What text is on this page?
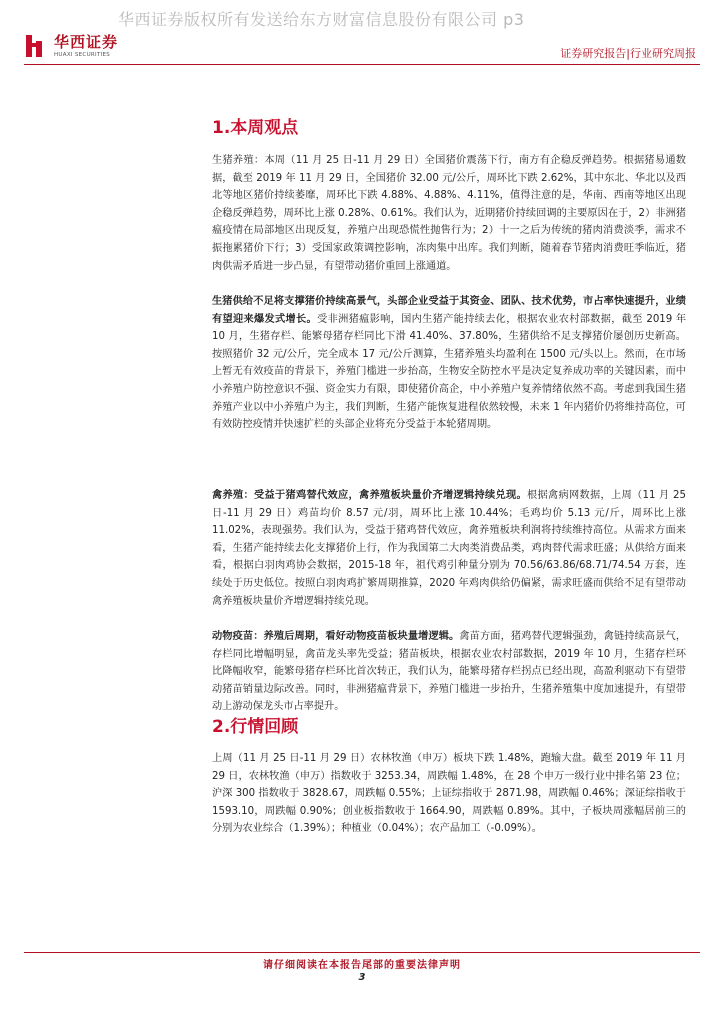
华西证券版权所有发送给东方财富信息股份有限公司 p3
华西证券
HUAXI SECURITIES	证券研究报告|行业研究周报
1.本周观点
生猪养殖：本周（11 月 25 日-11 月 29 日）全国猪价震荡下行，南方有企稳反弹趋势。根据猪易通数据，截至 2019 年 11 月 29 日，全国猪价 32.00 元/公斤，周环比下跌 2.62%，其中东北、华北以及西北等地区猪价持续萎靡，周环比下跌 4.88%、4.88%、4.11%，值得注意的是，华南、西南等地区出现企稳反弹趋势，周环比上涨 0.28%、0.61%。我们认为，近期猪价持续回调的主要原因在于，2）非洲猪瘟疫情在局部地区出现反复，养殖户出现恐慌性抛售行为；2）十一之后为传统的猪肉消费淡季，需求不振拖累猪价下行；3）受国家政策调控影响，冻肉集中出库。我们判断，随着春节猪肉消费旺季临近，猪肉供需矛盾进一步凸显，有望带动猪价重回上涨通道。
生猪供给不足将支撑猪价持续高景气，头部企业受益于其资金、团队、技术优势，市占率快速提升，业绩有望迎来爆发式增长。受非洲猪瘟影响，国内生猪产能持续去化，根据农业农村部数据，截至 2019 年 10 月，生猪存栏、能繁母猪存栏同比下滑 41.40%、37.80%，生猪供给不足支撑猪价屡创历史新高。按照猪价 32 元/公斤，完全成本 17 元/公斤测算，生猪养殖头均盈利在 1500 元/头以上。然而，在市场上暂无有效疫苗的背景下，养殖门槛进一步抬高，生物安全防控水平是决定复养成功率的关键因素，而中小养殖户防控意识不强、资金实力有限，即使猪价高企，中小养殖户复养情绪依然不高。考虑到我国生猪养殖产业以中小养殖户为主，我们判断，生猪产能恢复进程依然较慢，未来 1 年内猪价仍将维持高位，可有效防控疫情并快速扩栏的头部企业将充分受益于本轮猪周期。
禽养殖：受益于猪鸡替代效应，禽养殖板块量价齐增逻辑持续兑现。根据禽病网数据，上周（11 月 25 日-11 月 29 日）鸡苗均价 8.57 元/羽，周环比上涨 10.44%；毛鸡均价 5.13 元/斤，周环比上涨 11.02%，表现强势。我们认为，受益于猪鸡替代效应，禽养殖板块利润将持续维持高位。从需求方面来看，生猪产能持续去化支撑猪价上行，作为我国第二大肉类消费品类，鸡肉替代需求旺盛；从供给方面来看，根据白羽肉鸡协会数据，2015-18 年，祖代鸡引种量分别为 70.56/63.86/68.71/74.54 万套，连续处于历史低位。按照白羽肉鸡扩繁周期推算，2020 年鸡肉供给仍偏紧，需求旺盛而供给不足有望带动禽养殖板块量价齐增逻辑持续兑现。
动物疫苗：养殖后周期，看好动物疫苗板块量增逻辑。禽苗方面，猪鸡替代逻辑强劲，禽链持续高景气，存栏同比增幅明显，禽苗龙头率先受益；猪苗板块，根据农业农村部数据，2019 年 10 月，生猪存栏环比降幅收窄，能繁母猪存栏环比首次转正，我们认为，能繁母猪存栏拐点已经出现，高盈利驱动下有望带动猪苗销量边际改善。同时，非洲猪瘟背景下，养殖门槛进一步抬升，生猪养殖集中度加速提升，有望带动上游动保龙头市占率提升。
2.行情回顾
上周（11 月 25 日-11 月 29 日）农林牧渔（申万）板块下跌 1.48%，跑输大盘。截至 2019 年 11 月 29 日，农林牧渔（申万）指数收于 3253.34，周跌幅 1.48%，在 28 个申万一级行业中排名第 23 位；沪深 300 指数收于 3828.67，周跌幅 0.55%；上证综指收于 2871.98，周跌幅 0.46%；深证综指收于 1593.10，周跌幅 0.90%；创业板指数收于 1664.90，周跌幅 0.89%。其中，子板块周涨幅居前三的分别为农业综合（1.39%）；种植业（0.04%）；农产品加工（-0.09%）。
请仔细阅读在本报告尾部的重要法律声明
3
